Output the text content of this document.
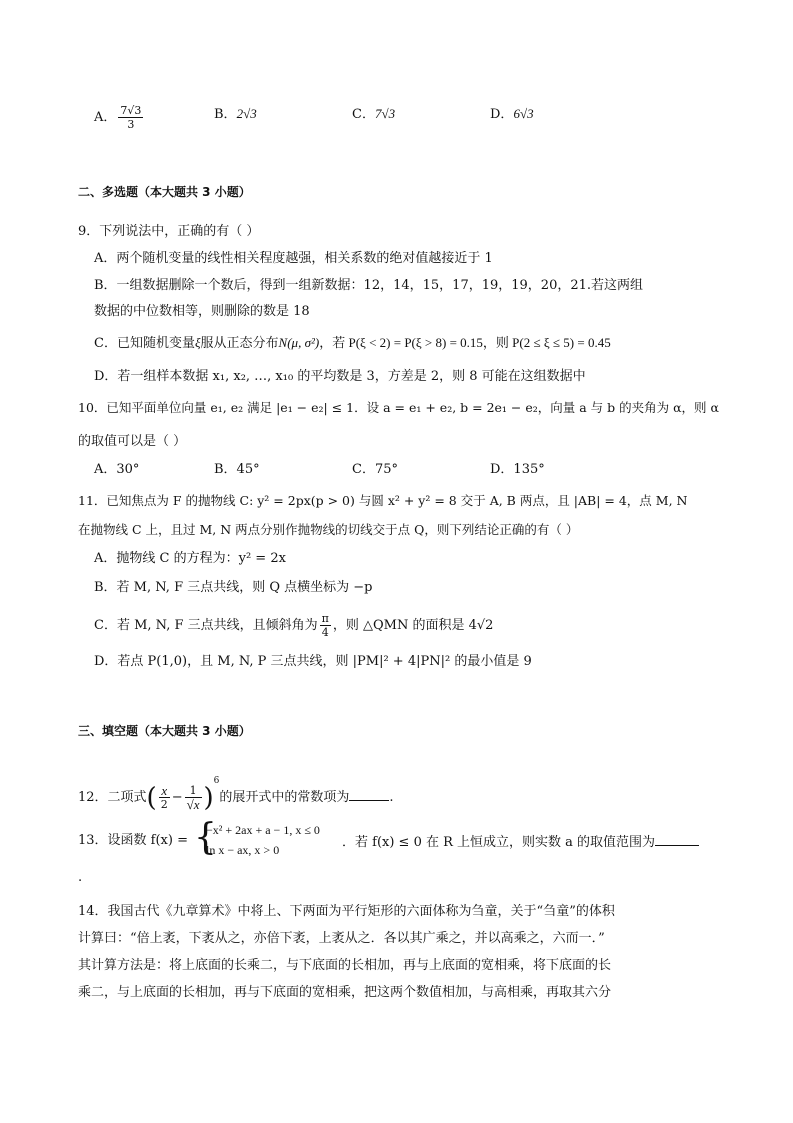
A． $\frac{7√3}{3}$	B．2√3	C．7√3	D．6√3
二、多选题（本大题共 3 小题）
9．下列说法中，正确的有（ ）
A．两个随机变量的线性相关程度越强，相关系数的绝对值越接近于 1
B．一组数据删除一个数后，得到一组新数据：12，14，15，17，19，19，20，21.若这两组
数据的中位数相等，则删除的数是 18
C．已知随机变量ξ服从正态分布N(μ, σ²)，若 P(ξ < 2) = P(ξ > 8) = 0.15，则 P(2 ≤ ξ ≤ 5) = 0.45
D．若一组样本数据 x₁, x₂, …, x₁₀ 的平均数是 3，方差是 2，则 8 可能在这组数据中
10．已知平面单位向量 e₁, e₂ 满足 |e₁ − e₂| ≤ 1．设 a = e₁ + e₂, b = 2e₁ − e₂，向量 a 与 b 的夹角为 α，则 α
的取值可以是（ ）
A．30°	B．45°	C．75°	D．135°
11．已知焦点为 F 的抛物线 C: y² = 2px(p > 0) 与圆 x² + y² = 8 交于 A, B 两点，且 |AB| = 4，点 M, N
在抛物线 C 上，且过 M, N 两点分别作抛物线的切线交于点 Q，则下列结论正确的有（ ）
A．抛物线 C 的方程为：y² = 2x
B．若 M, N, F 三点共线，则 Q 点横坐标为 −p
C．若 M, N, F 三点共线，且倾斜角为 $\frac{\pi}{4}$ ，则 △QMN 的面积是 4√2
D．若点 P(1,0)，且 M, N, P 三点共线，则 |PM|² + 4|PN|² 的最小值是 9
三、填空题（本大题共 3 小题）
12．二项式( $\frac{x}{2} - \frac{1}{√x} )^6$的展开式中的常数项为	.
13．设函数 f(x) = {
−x² + 2ax + a − 1, x ≤ 0
ln x − ax, x > 0	．若 f(x) ≤ 0 在 R 上恒成立，则实数 a 的取值范围为
.
14．我国古代《九章算术》中将上、下两面为平行矩形的六面体称为刍童，关于“刍童”的体积
计算曰：“倍上袤，下袤从之，亦倍下袤，上袤从之．各以其广乘之，并以高乘之，六而一．”
其计算方法是：将上底面的长乘二，与下底面的长相加，再与上底面的宽相乘，将下底面的长
乘二，与上底面的长相加，再与下底面的宽相乘，把这两个数值相加，与高相乘，再取其六分
